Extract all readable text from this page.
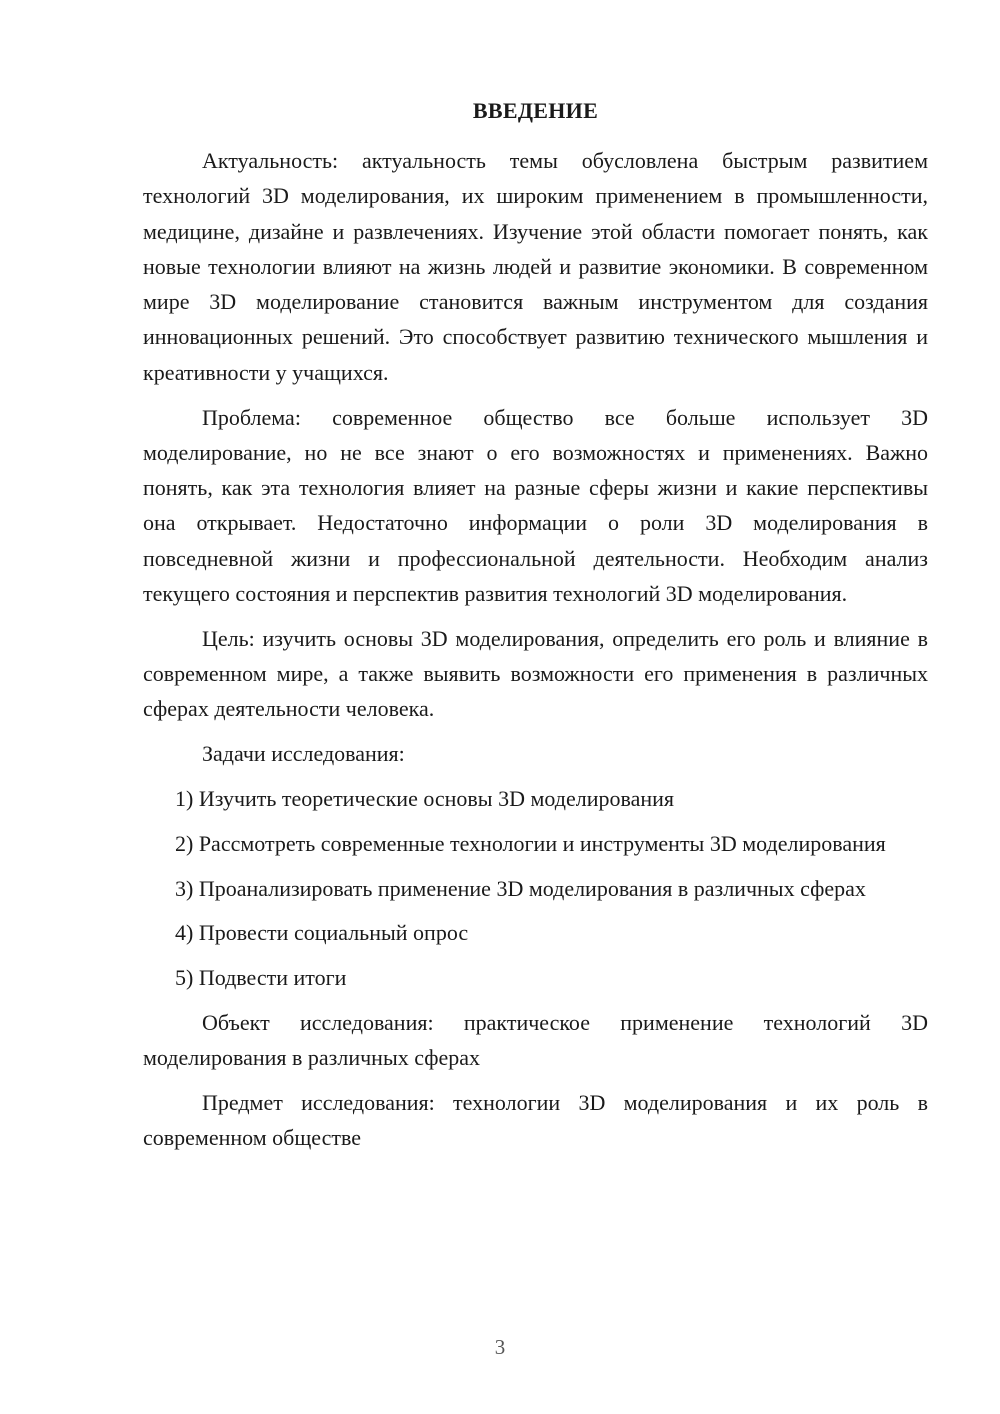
ВВЕДЕНИЕ

Актуальность: актуальность темы обусловлена быстрым развитием технологий 3D моделирования, их широким применением в промышленности, медицине, дизайне и развлечениях. Изучение этой области помогает понять, как новые технологии влияют на жизнь людей и развитие экономики. В современном мире 3D моделирование становится важным инструментом для создания инновационных решений. Это способствует развитию технического мышления и креативности у учащихся.

Проблема: современное общество все больше использует 3D моделирование, но не все знают о его возможностях и применениях. Важно понять, как эта технология влияет на разные сферы жизни и какие перспективы она открывает. Недостаточно информации о роли 3D моделирования в повседневной жизни и профессиональной деятельности. Необходим анализ текущего состояния и перспектив развития технологий 3D моделирования.

Цель: изучить основы 3D моделирования, определить его роль и влияние в современном мире, а также выявить возможности его применения в различных сферах деятельности человека.

Задачи исследования:

1) Изучить теоретические основы 3D моделирования

2) Рассмотреть современные технологии и инструменты 3D моделирования

3) Проанализировать применение 3D моделирования в различных сферах

4) Провести социальный опрос

5) Подвести итоги

Объект исследования: практическое применение технологий 3D моделирования в различных сферах

Предмет исследования: технологии 3D моделирования и их роль в современном обществе

3
